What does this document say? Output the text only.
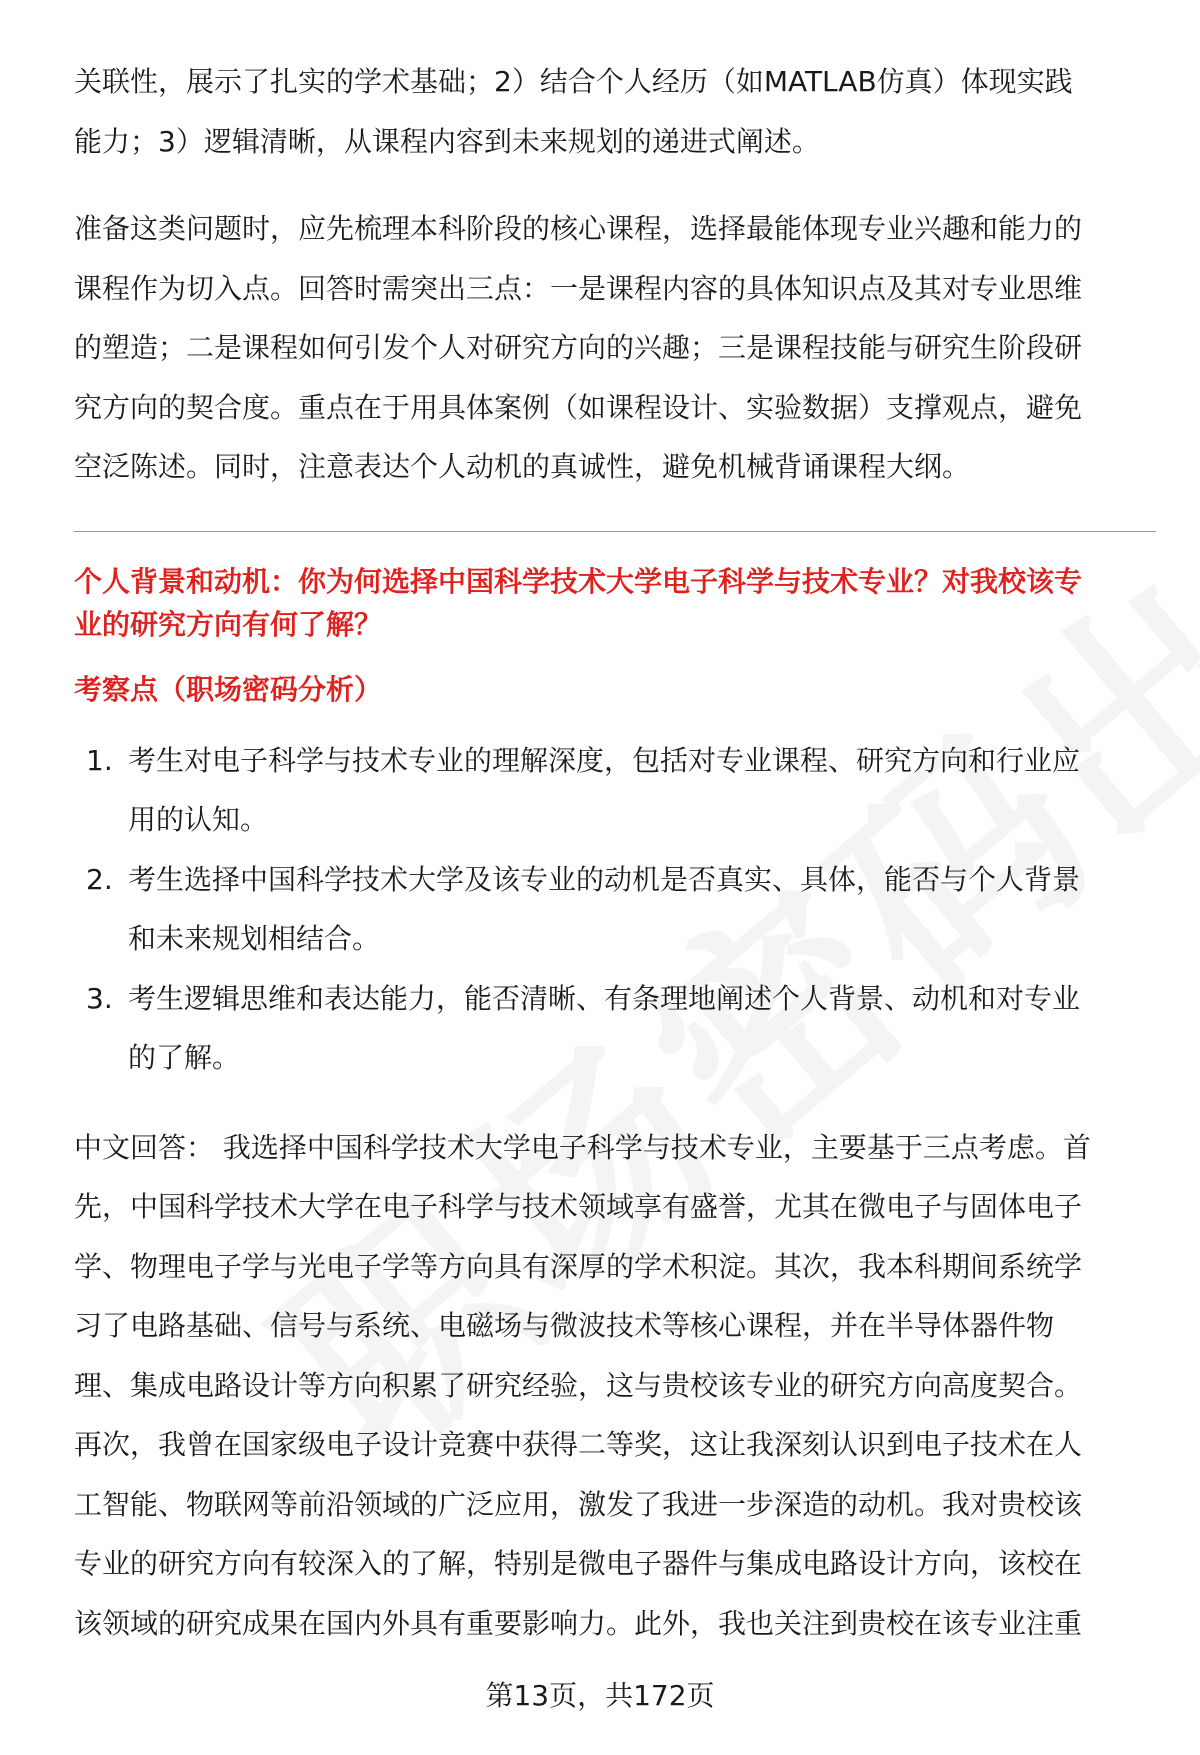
关联性，展示了扎实的学术基础；2）结合个人经历（如MATLAB仿真）体现实践

能力；3）逻辑清晰，从课程内容到未来规划的递进式阐述。

准备这类问题时，应先梳理本科阶段的核心课程，选择最能体现专业兴趣和能力的

课程作为切入点。回答时需突出三点：一是课程内容的具体知识点及其对专业思维

的塑造；二是课程如何引发个人对研究方向的兴趣；三是课程技能与研究生阶段研

究方向的契合度。重点在于用具体案例（如课程设计、实验数据）支撑观点，避免

空泛陈述。同时，注意表达个人动机的真诚性，避免机械背诵课程大纲。

个人背景和动机：你为何选择中国科学技术大学电子科学与技术专业？对我校该专

业的研究方向有何了解？

考察点（职场密码分析）

1. 考生对电子科学与技术专业的理解深度，包括对专业课程、研究方向和行业应
用的认知。
2. 考生选择中国科学技术大学及该专业的动机是否真实、具体，能否与个人背景
和未来规划相结合。
3. 考生逻辑思维和表达能力，能否清晰、有条理地阐述个人背景、动机和对专业
的了解。

中文回答： 我选择中国科学技术大学电子科学与技术专业，主要基于三点考虑。首

先，中国科学技术大学在电子科学与技术领域享有盛誉，尤其在微电子与固体电子

学、物理电子学与光电子学等方向具有深厚的学术积淀。其次，我本科期间系统学

习了电路基础、信号与系统、电磁场与微波技术等核心课程，并在半导体器件物

理、集成电路设计等方向积累了研究经验，这与贵校该专业的研究方向高度契合。

再次，我曾在国家级电子设计竞赛中获得二等奖，这让我深刻认识到电子技术在人

工智能、物联网等前沿领域的广泛应用，激发了我进一步深造的动机。我对贵校该

专业的研究方向有较深入的了解，特别是微电子器件与集成电路设计方向，该校在

该领域的研究成果在国内外具有重要影响力。此外，我也关注到贵校在该专业注重

第13页，共172页
